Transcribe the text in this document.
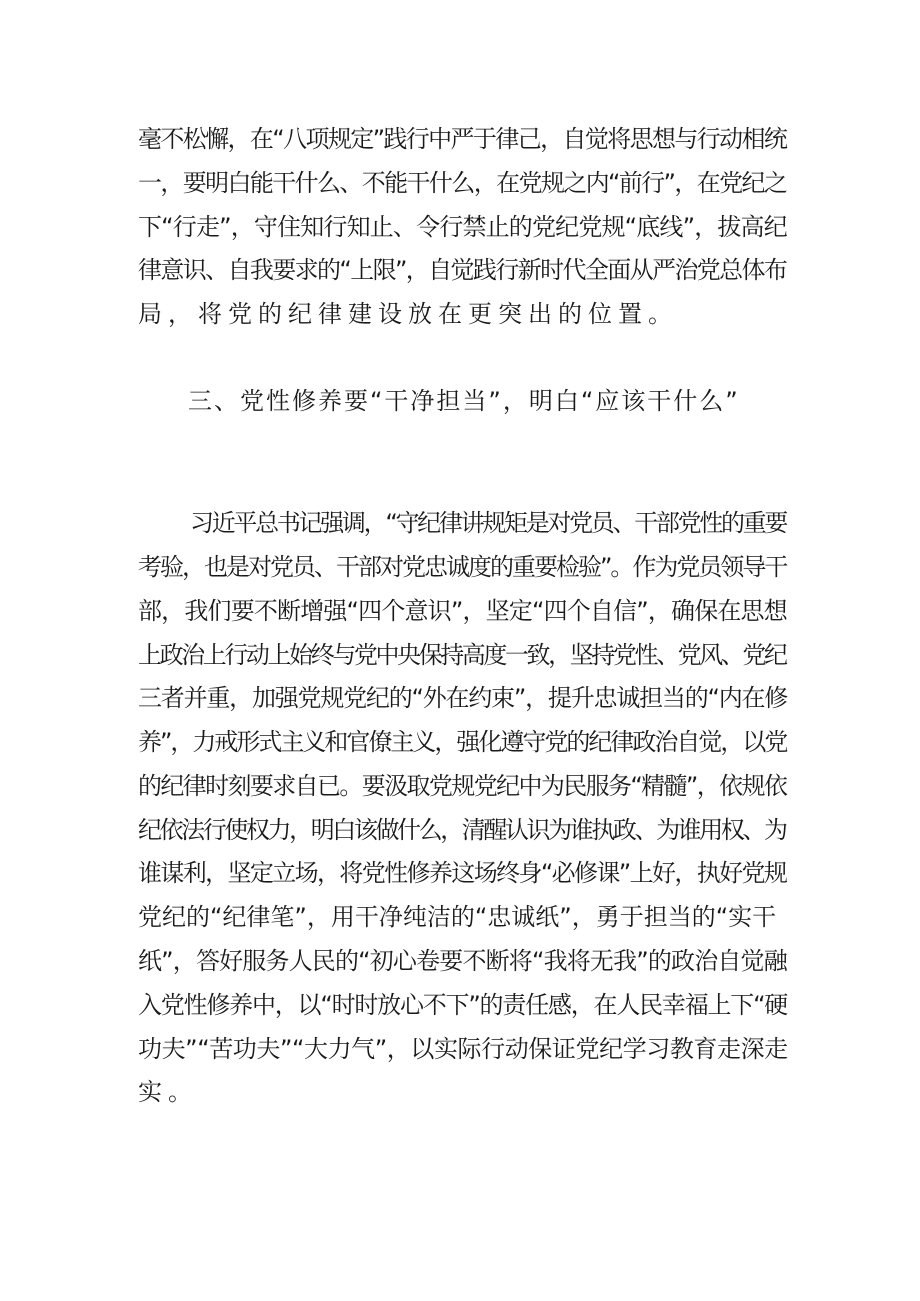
毫不松懈，在“八项规定”践行中严于律己，自觉将思想与行动相统
一，要明白能干什么、不能干什么，在党规之内“前行”，在党纪之
下“行走”，守住知行知止、令行禁止的党纪党规“底线”，拔高纪
律意识、自我要求的“上限”，自觉践行新时代全面从严治党总体布
局，将党的纪律建设放在更突出的位置。
三、党性修养要“干净担当”，明白“应该干什么”
习近平总书记强调，“守纪律讲规矩是对党员、干部党性的重要
考验，也是对党员、干部对党忠诚度的重要检验”。作为党员领导干
部，我们要不断增强“四个意识”，坚定“四个自信”，确保在思想
上政治上行动上始终与党中央保持高度一致，坚持党性、党风、党纪
三者并重，加强党规党纪的“外在约束”，提升忠诚担当的“内在修
养”，力戒形式主义和官僚主义，强化遵守党的纪律政治自觉，以党
的纪律时刻要求自已。要汲取党规党纪中为民服务“精髓”，依规依
纪依法行使权力，明白该做什么，清醒认识为谁执政、为谁用权、为
谁谋利，坚定立场，将党性修养这场终身“必修课”上好，执好党规
党纪的“纪律笔”，用干净纯洁的“忠诚纸”，勇于担当的“实干
纸”，答好服务人民的“初心卷要不断将“我将无我”的政治自觉融
入党性修养中，以“时时放心不下”的责任感，在人民幸福上下“硬
功夫”“苦功夫”“大力气”，以实际行动保证党纪学习教育走深走
实。
